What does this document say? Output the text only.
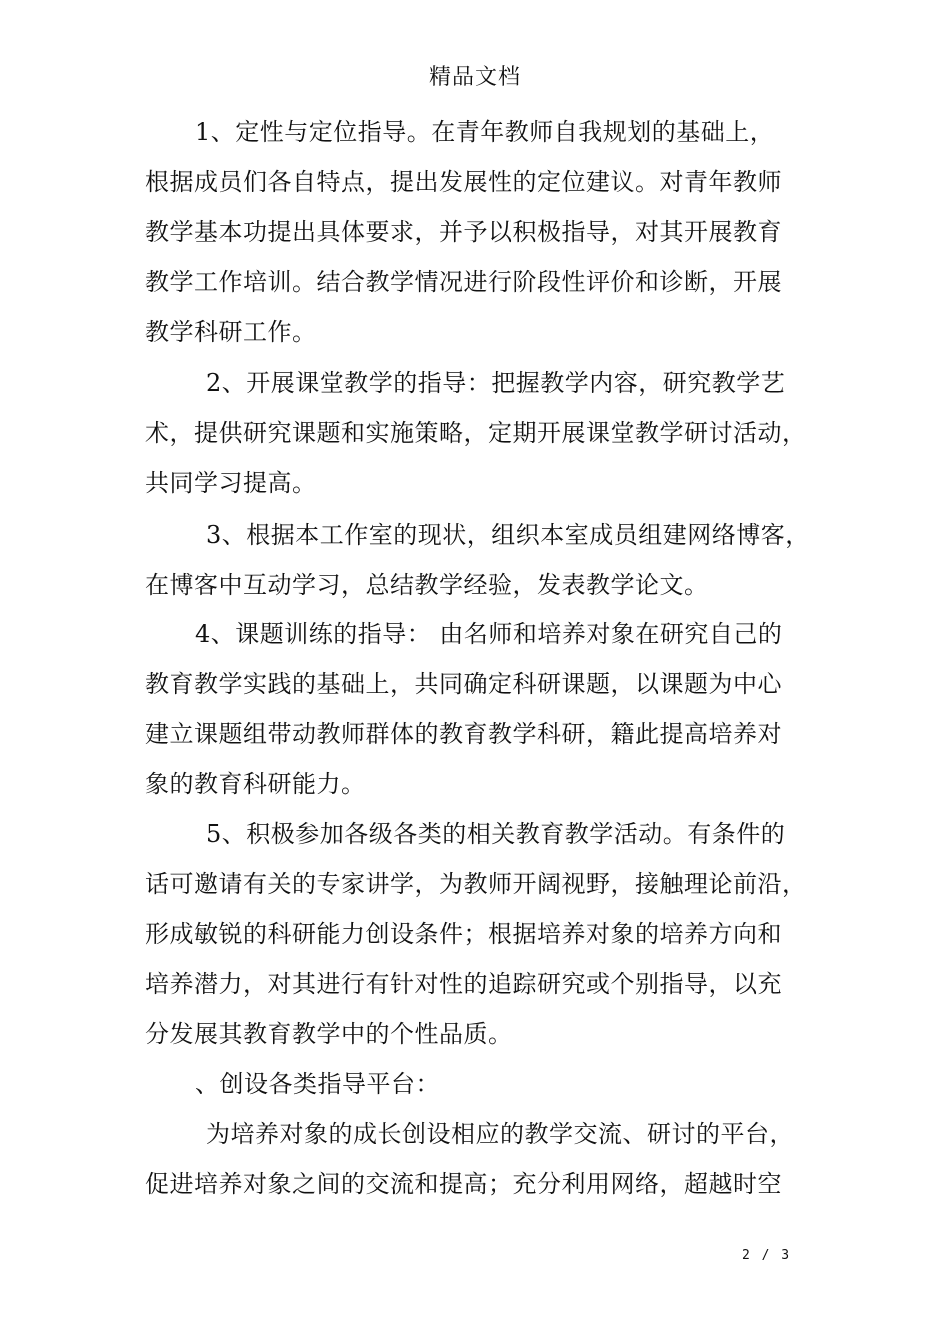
精品文档
1、定性与定位指导。在青年教师自我规划的基础上，
根据成员们各自特点，提出发展性的定位建议。对青年教师
教学基本功提出具体要求，并予以积极指导，对其开展教育
教学工作培训。结合教学情况进行阶段性评价和诊断，开展
教学科研工作。
2、开展课堂教学的指导：把握教学内容，研究教学艺
术，提供研究课题和实施策略，定期开展课堂教学研讨活动，
共同学习提高。
3、根据本工作室的现状，组织本室成员组建网络博客，
在博客中互动学习，总结教学经验，发表教学论文。
4、课题训练的指导： 由名师和培养对象在研究自己的
教育教学实践的基础上，共同确定科研课题，以课题为中心
建立课题组带动教师群体的教育教学科研，籍此提高培养对
象的教育科研能力。
5、积极参加各级各类的相关教育教学活动。有条件的
话可邀请有关的专家讲学，为教师开阔视野，接触理论前沿，
形成敏锐的科研能力创设条件；根据培养对象的培养方向和
培养潜力，对其进行有针对性的追踪研究或个别指导，以充
分发展其教育教学中的个性品质。
、创设各类指导平台：
为培养对象的成长创设相应的教学交流、研讨的平台，
促进培养对象之间的交流和提高；充分利用网络，超越时空
2 / 3
